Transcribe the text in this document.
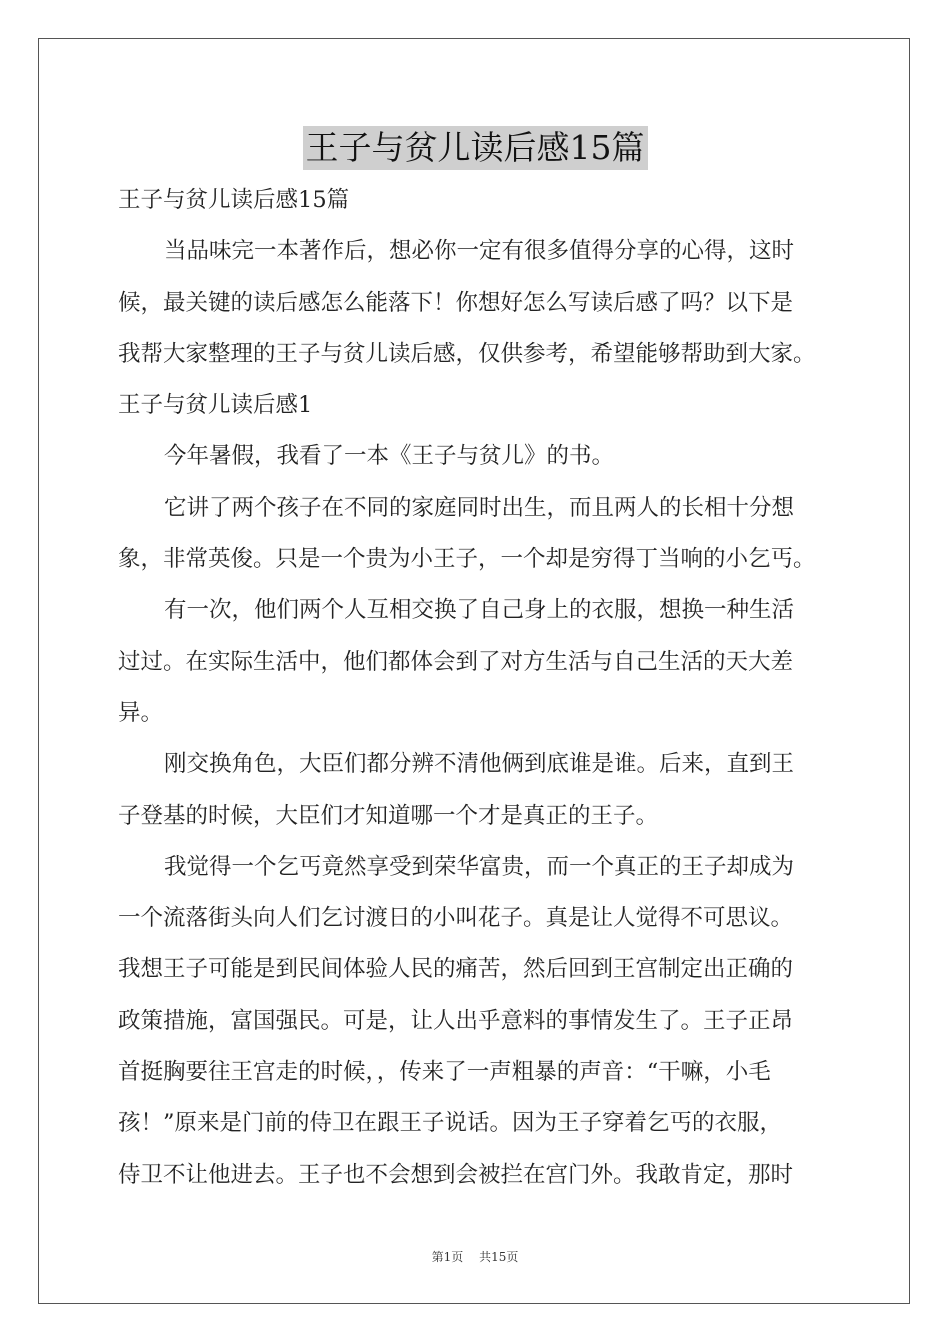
王子与贫儿读后感15篇
王子与贫儿读后感15篇
当品味完一本著作后，想必你一定有很多值得分享的心得，这时
候，最关键的读后感怎么能落下！你想好怎么写读后感了吗？以下是
我帮大家整理的王子与贫儿读后感，仅供参考，希望能够帮助到大家。
王子与贫儿读后感1
今年暑假，我看了一本《王子与贫儿》的书。
它讲了两个孩子在不同的家庭同时出生，而且两人的长相十分想
象，非常英俊。只是一个贵为小王子，一个却是穷得丁当响的小乞丐。
有一次，他们两个人互相交换了自己身上的衣服，想换一种生活
过过。在实际生活中，他们都体会到了对方生活与自己生活的天大差
异。
刚交换角色，大臣们都分辨不清他俩到底谁是谁。后来，直到王
子登基的时候，大臣们才知道哪一个才是真正的王子。
我觉得一个乞丐竟然享受到荣华富贵，而一个真正的王子却成为
一个流落街头向人们乞讨渡日的小叫花子。真是让人觉得不可思议。
我想王子可能是到民间体验人民的痛苦，然后回到王宫制定出正确的
政策措施，富国强民。可是，让人出乎意料的事情发生了。王子正昂
首挺胸要往王宫走的时候，，传来了一声粗暴的声音：“干嘛，小毛
孩！”原来是门前的侍卫在跟王子说话。因为王子穿着乞丐的衣服，
侍卫不让他进去。王子也不会想到会被拦在宫门外。我敢肯定，那时
第1页 共15页
